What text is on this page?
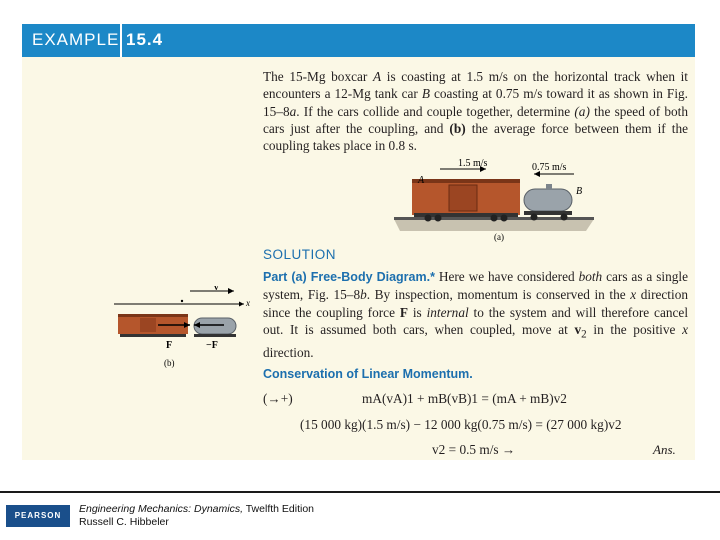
EXAMPLE 15.4

The 15-Mg boxcar A is coasting at 1.5 m/s on the horizontal track when it encounters a 12-Mg tank car B coasting at 0.75 m/s toward it as shown in Fig. 15–8a. If the cars collide and couple together, determine (a) the speed of both cars just after the coupling, and (b) the average force between them if the coupling takes place in 0.8 s.

1.5 m/s	0.75 m/s
A
B
(a)
SOLUTION

Part (a) Free-Body Diagram.* Here we have considered both cars as a single system, Fig. 15–8b. By inspection, momentum is conserved in the x direction since the coupling force F is internal to the system and will therefore cancel out. It is assumed both cars, when coupled, move at $v_2$ in the positive x direction.

v
x
F	−F
(b)
Conservation of Linear Momentum.
(→+)	mA(vA)1 + mB(vB)1 = (mA + mB)v2
(15 000 kg)(1.5 m/s) − 12 000 kg(0.75 m/s) = (27 000 kg)v2
v2 = 0.5 m/s →	Ans.
PEARSON
Engineering Mechanics: Dynamics, Twelfth Edition
Russell C. Hibbeler
